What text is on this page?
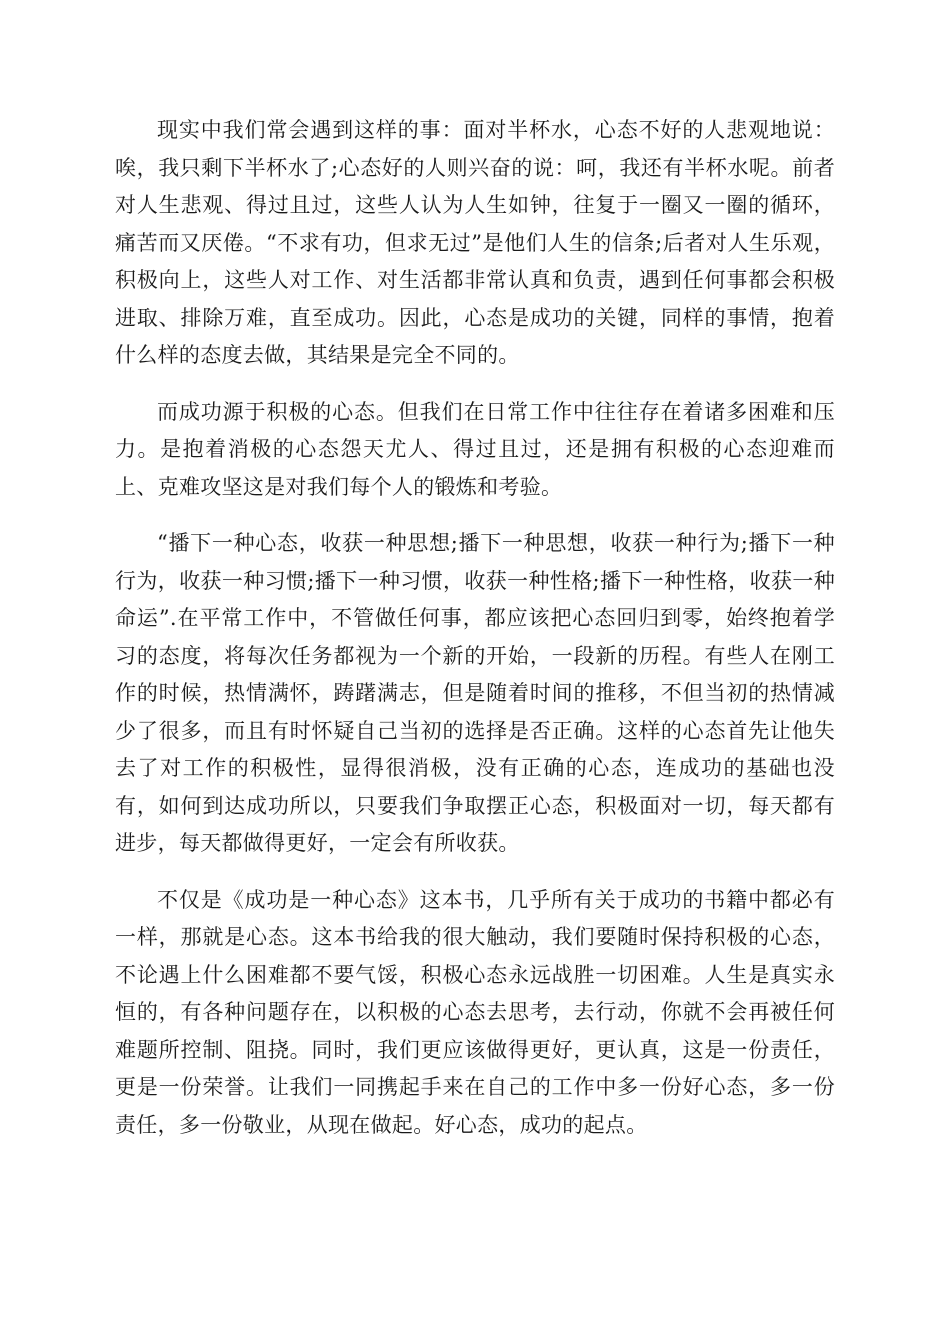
现实中我们常会遇到这样的事：面对半杯水，心态不好的人悲观地说：唉，我只剩下半杯水了;心态好的人则兴奋的说：呵，我还有半杯水呢。前者对人生悲观、得过且过，这些人认为人生如钟，往复于一圈又一圈的循环，痛苦而又厌倦。“不求有功，但求无过”是他们人生的信条;后者对人生乐观，积极向上，这些人对工作、对生活都非常认真和负责，遇到任何事都会积极进取、排除万难，直至成功。因此，心态是成功的关键，同样的事情，抱着什么样的态度去做，其结果是完全不同的。

而成功源于积极的心态。但我们在日常工作中往往存在着诸多困难和压力。是抱着消极的心态怨天尤人、得过且过，还是拥有积极的心态迎难而上、克难攻坚这是对我们每个人的锻炼和考验。

“播下一种心态，收获一种思想;播下一种思想，收获一种行为;播下一种行为，收获一种习惯;播下一种习惯，收获一种性格;播下一种性格，收获一种命运”.在平常工作中，不管做任何事，都应该把心态回归到零，始终抱着学习的态度，将每次任务都视为一个新的开始，一段新的历程。有些人在刚工作的时候，热情满怀，踌躇满志，但是随着时间的推移，不但当初的热情减少了很多，而且有时怀疑自己当初的选择是否正确。这样的心态首先让他失去了对工作的积极性，显得很消极，没有正确的心态，连成功的基础也没有，如何到达成功所以，只要我们争取摆正心态，积极面对一切，每天都有进步，每天都做得更好，一定会有所收获。

不仅是《成功是一种心态》这本书，几乎所有关于成功的书籍中都必有一样，那就是心态。这本书给我的很大触动，我们要随时保持积极的心态，不论遇上什么困难都不要气馁，积极心态永远战胜一切困难。人生是真实永恒的，有各种问题存在，以积极的心态去思考，去行动，你就不会再被任何难题所控制、阻挠。同时，我们更应该做得更好，更认真，这是一份责任，更是一份荣誉。让我们一同携起手来在自己的工作中多一份好心态，多一份责任，多一份敬业，从现在做起。好心态，成功的起点。
